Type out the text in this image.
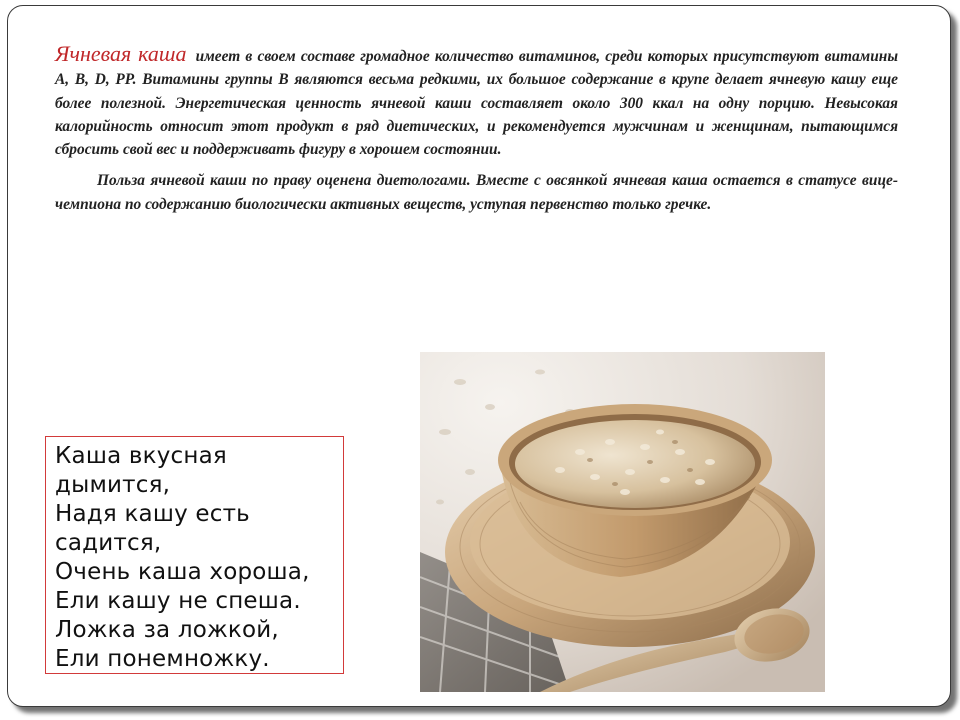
Ячневая каша имеет в своем составе громадное количество витаминов, среди которых присутствуют витамины А, В, D, РР. Витамины группы В являются весьма редкими, их большое содержание в крупе делает ячневую кашу еще более полезной. Энергетическая ценность ячневой каши составляет около 300 ккал на одну порцию. Невысокая калорийность относит этот продукт в ряд диетических, и рекомендуется мужчинам и женщинам, пытающимся сбросить свой вес и поддерживать фигуру в хорошем состоянии.

Польза ячневой каши по праву оценена диетологами. Вместе с овсянкой ячневая каша остается в статусе вице-чемпиона по содержанию биологически активных веществ, уступая первенство только гречке.

Каша вкусная
дымится,
Надя кашу есть
садится,
Очень каша хороша,
Ели кашу не спеша.
Ложка за ложкой,
Ели понемножку.
